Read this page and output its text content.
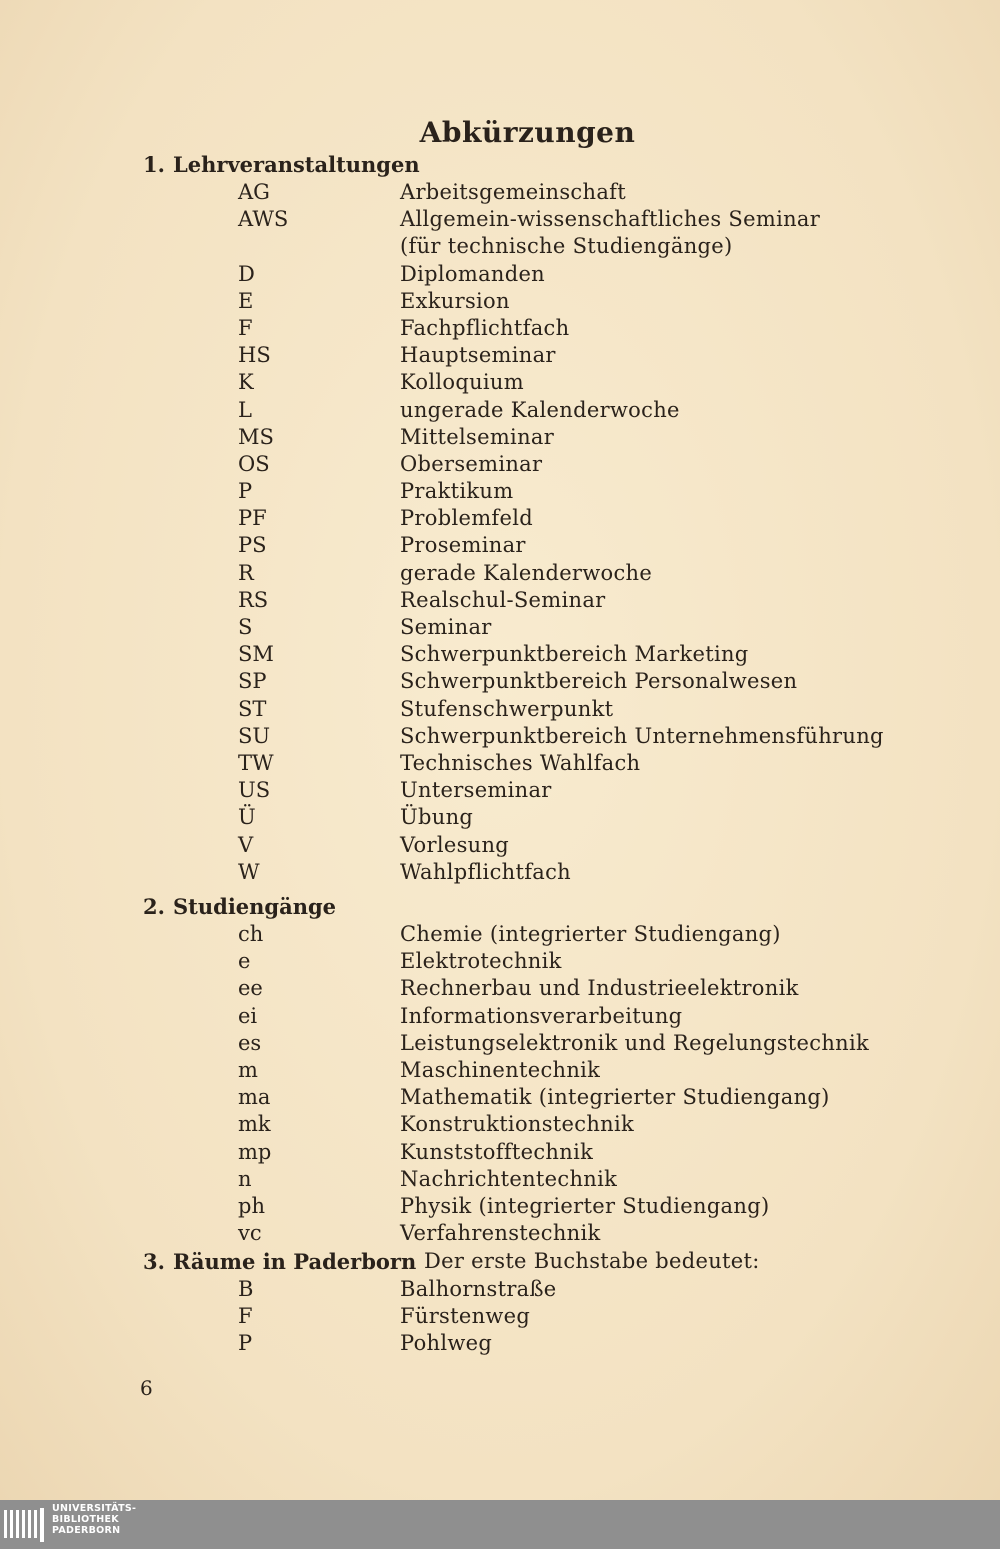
Abkürzungen
1. Lehrveranstaltungen
AG	Arbeitsgemeinschaft
AWS	Allgemein-wissenschaftliches Seminar
(für technische Studiengänge)
D	Diplomanden
E	Exkursion
F	Fachpflichtfach
HS	Hauptseminar
K	Kolloquium
L	ungerade Kalenderwoche
MS	Mittelseminar
OS	Oberseminar
P	Praktikum
PF	Problemfeld
PS	Proseminar
R	gerade Kalenderwoche
RS	Realschul-Seminar
S	Seminar
SM	Schwerpunktbereich Marketing
SP	Schwerpunktbereich Personalwesen
ST	Stufenschwerpunkt
SU	Schwerpunktbereich Unternehmensführung
TW	Technisches Wahlfach
US	Unterseminar
Ü	Übung
V	Vorlesung
W	Wahlpflichtfach
2. Studiengänge
ch	Chemie (integrierter Studiengang)
e	Elektrotechnik
ee	Rechnerbau und Industrieelektronik
ei	Informationsverarbeitung
es	Leistungselektronik und Regelungstechnik
m	Maschinentechnik
ma	Mathematik (integrierter Studiengang)
mk	Konstruktionstechnik
mp	Kunststofftechnik
n	Nachrichtentechnik
ph	Physik (integrierter Studiengang)
vc	Verfahrenstechnik
3. Räume in Paderborn Der erste Buchstabe bedeutet:
B	Balhornstraße
F	Fürstenweg
P	Pohlweg
6
UNIVERSITÄTS-
BIBLIOTHEK
PADERBORN
